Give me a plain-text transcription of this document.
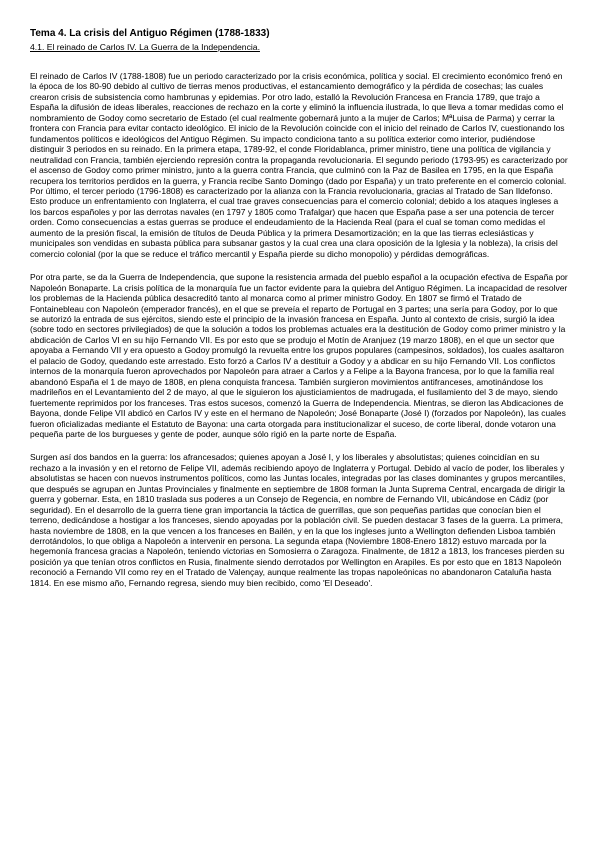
Tema 4. La crisis del Antiguo Régimen (1788-1833)
4.1. El reinado de Carlos IV. La Guerra de la Independencia.

El reinado de Carlos IV (1788-1808) fue un periodo caracterizado por la crisis económica, política y social. El crecimiento económico frenó en la época de los 80-90 debido al cultivo de tierras menos productivas, el estancamiento demográfico y la pérdida de cosechas; las cuales crearon crisis de subsistencia como hambrunas y epidemias. Por otro lado, estalló la Revolución Francesa en Francia 1789, que trajo a España la difusión de ideas liberales, reacciones de rechazo en la corte y eliminó la influencia ilustrada, lo que lleva a tomar medidas como el nombramiento de Godoy como secretario de Estado (el cual realmente gobernará junto a la mujer de Carlos; MªLuisa de Parma) y cerrar la frontera con Francia para evitar contacto ideológico. El inicio de la Revolución coincide con el inicio del reinado de Carlos IV, cuestionando los fundamentos políticos e ideológicos del Antiguo Régimen. Su impacto condiciona tanto a su política exterior como interior, pudiéndose distinguir 3 periodos en su reinado. En la primera etapa, 1789-92, el conde Floridablanca, primer ministro, tiene una política de vigilancia y neutralidad con Francia, también ejerciendo represión contra la propaganda revolucionaria. El segundo periodo (1793-95) es caracterizado por el ascenso de Godoy como primer ministro, junto a la guerra contra Francia, que culminó con la Paz de Basilea en 1795, en la que España recupera los territorios perdidos en la guerra, y Francia recibe Santo Domingo (dado por España) y un trato preferente en el comercio colonial. Por último, el tercer periodo (1796-1808) es caracterizado por la alianza con la Francia revolucionaria, gracias al Tratado de San Ildefonso. Esto produce un enfrentamiento con Inglaterra, el cual trae graves consecuencias para el comercio colonial; debido a los ataques ingleses a los barcos españoles y por las derrotas navales (en 1797 y 1805 como Trafalgar) que hacen que España pase a ser una potencia de tercer orden. Como consecuencias a estas guerras se produce el endeudamiento de la Hacienda Real (para el cual se toman como medidas el aumento de la presión fiscal, la emisión de títulos de Deuda Pública y la primera Desamortización; en la que las tierras eclesiásticas y municipales son vendidas en subasta pública para subsanar gastos y la cual crea una clara oposición de la Iglesia y la nobleza), la crisis del comercio colonial (por la que se reduce el tráfico mercantil y España pierde su dicho monopolio) y pérdidas demográficas.

Por otra parte, se da la Guerra de Independencia, que supone la resistencia armada del pueblo español a la ocupación efectiva de España por Napoleón Bonaparte. La crisis política de la monarquía fue un factor evidente para la quiebra del Antiguo Régimen. La incapacidad de resolver los problemas de la Hacienda pública desacreditó tanto al monarca como al primer ministro Godoy. En 1807 se firmó el Tratado de Fontainebleau con Napoleón (emperador francés), en el que se preveía el reparto de Portugal en 3 partes; una sería para Godoy, por lo que se autorizó la entrada de sus ejércitos, siendo este el principio de la invasión francesa en España. Junto al contexto de crisis, surgió la idea (sobre todo en sectores privilegiados) de que la solución a todos los problemas actuales era la destitución de Godoy como primer ministro y la abdicación de Carlos VI en su hijo Fernando VII. Es por esto que se produjo el Motín de Aranjuez (19 marzo 1808), en el que un sector que apoyaba a Fernando VII y era opuesto a Godoy promulgó la revuelta entre los grupos populares (campesinos, soldados), los cuales asaltaron el palacio de Godoy, quedando este arrestado. Esto forzó a Carlos IV a destituir a Godoy y a abdicar en su hijo Fernando VII. Los conflictos internos de la monarquía fueron aprovechados por Napoleón para atraer a Carlos y a Felipe a la Bayona francesa, por lo que la familia real abandonó España el 1 de mayo de 1808, en plena conquista francesa. También surgieron movimientos antifranceses, amotinándose los madrileños en el Levantamiento del 2 de mayo, al que le siguieron los ajusticiamientos de madrugada, el fusilamiento del 3 de mayo, siendo fuertemente reprimidos por los franceses. Tras estos sucesos, comenzó la Guerra de Independencia. Mientras, se dieron las Abdicaciones de Bayona, donde Felipe VII abdicó en Carlos IV y este en el hermano de Napoleón; José Bonaparte (José I) (forzados por Napoleón), las cuales fueron oficializadas mediante el Estatuto de Bayona: una carta otorgada para institucionalizar el suceso, de corte liberal, donde votaron una pequeña parte de los burgueses y gente de poder, aunque sólo rigió en la parte norte de España.

Surgen así dos bandos en la guerra: los afrancesados; quienes apoyan a José I, y los liberales y absolutistas; quienes coincidían en su rechazo a la invasión y en el retorno de Felipe VII, además recibiendo apoyo de Inglaterra y Portugal. Debido al vacío de poder, los liberales y absolutistas se hacen con nuevos instrumentos políticos, como las Juntas locales, integradas por las clases dominantes y grupos mercantiles, que después se agrupan en Juntas Provinciales y finalmente en septiembre de 1808 forman la Junta Suprema Central, encargada de dirigir la guerra y gobernar. Esta, en 1810 traslada sus poderes a un Consejo de Regencia, en nombre de Fernando VII, ubicándose en Cádiz (por seguridad). En el desarrollo de la guerra tiene gran importancia la táctica de guerrillas, que son pequeñas partidas que conocían bien el terreno, dedicándose a hostigar a los franceses, siendo apoyadas por la población civil. Se pueden destacar 3 fases de la guerra. La primera, hasta noviembre de 1808, en la que vencen a los franceses en Bailén, y en la que los ingleses junto a Wellington defienden Lisboa también derrotándolos, lo que obliga a Napoleón a intervenir en persona. La segunda etapa (Noviembre 1808-Enero 1812) estuvo marcada por la hegemonía francesa gracias a Napoleón, teniendo victorias en Somosierra o Zaragoza. Finalmente, de 1812 a 1813, los franceses pierden su posición ya que tenían otros conflictos en Rusia, finalmente siendo derrotados por Wellington en Arapiles. Es por esto que en 1813 Napoleón reconoció a Fernando VII como rey en el Tratado de Valençay, aunque realmente las tropas napoleónicas no abandonaron Cataluña hasta 1814. En ese mismo año, Fernando regresa, siendo muy bien recibido, como 'El Deseado'.
